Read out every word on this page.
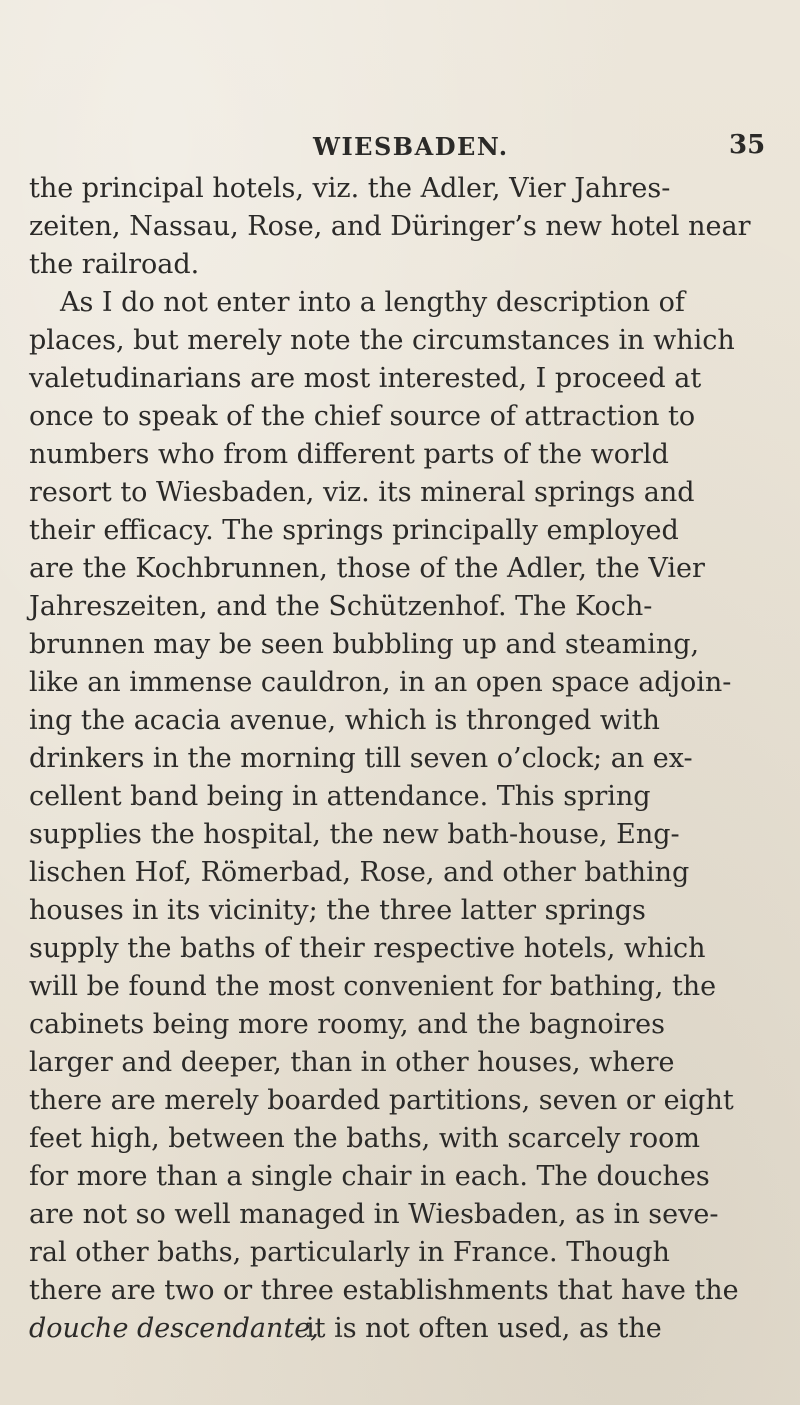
WIESBADEN.	35
the principal hotels, viz. the Adler, Vier Jahres-
zeiten, Nassau, Rose, and Düringer’s new hotel near
the railroad.
As I do not enter into a lengthy description of
places, but merely note the circumstances in which
valetudinarians are most interested, I proceed at
once to speak of the chief source of attraction to
numbers who from different parts of the world
resort to Wiesbaden, viz. its mineral springs and
their efficacy. The springs principally employed
are the Kochbrunnen, those of the Adler, the Vier
Jahreszeiten, and the Schützenhof. The Koch-
brunnen may be seen bubbling up and steaming,
like an immense cauldron, in an open space adjoin-
ing the acacia avenue, which is thronged with
drinkers in the morning till seven o’clock; an ex-
cellent band being in attendance. This spring
supplies the hospital, the new bath-house, Eng-
lischen Hof, Römerbad, Rose, and other bathing
houses in its vicinity; the three latter springs
supply the baths of their respective hotels, which
will be found the most convenient for bathing, the
cabinets being more roomy, and the bagnoires
larger and deeper, than in other houses, where
there are merely boarded partitions, seven or eight
feet high, between the baths, with scarcely room
for more than a single chair in each. The douches
are not so well managed in Wiesbaden, as in seve-
ral other baths, particularly in France. Though
there are two or three establishments that have the
douche descendante,
it is not often used, as the
